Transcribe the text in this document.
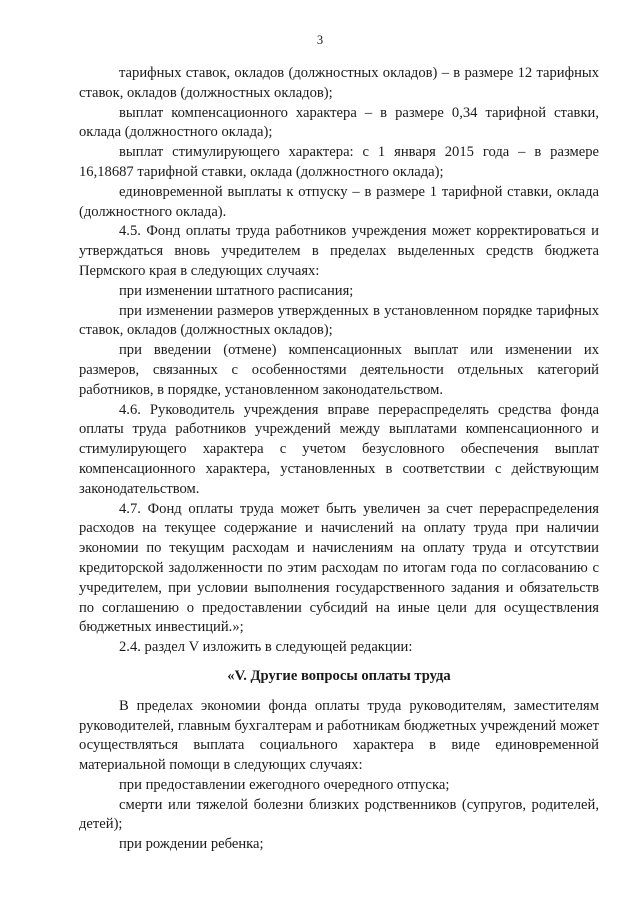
3

тарифных ставок, окладов (должностных окладов) – в размере 12 тарифных ставок, окладов (должностных окладов);

выплат компенсационного характера – в размере 0,34 тарифной ставки, оклада (должностного оклада);

выплат стимулирующего характера: с 1 января 2015 года – в размере 16,18687 тарифной ставки, оклада (должностного оклада);

единовременной выплаты к отпуску – в размере 1 тарифной ставки, оклада (должностного оклада).

4.5. Фонд оплаты труда работников учреждения может корректироваться и утверждаться вновь учредителем в пределах выделенных средств бюджета Пермского края в следующих случаях:

при изменении штатного расписания;

при изменении размеров утвержденных в установленном порядке тарифных ставок, окладов (должностных окладов);

при введении (отмене) компенсационных выплат или изменении их размеров, связанных с особенностями деятельности отдельных категорий работников, в порядке, установленном законодательством.

4.6. Руководитель учреждения вправе перераспределять средства фонда оплаты труда работников учреждений между выплатами компенсационного и стимулирующего характера с учетом безусловного обеспечения выплат компенсационного характера, установленных в соответствии с действующим законодательством.

4.7. Фонд оплаты труда может быть увеличен за счет перераспределения расходов на текущее содержание и начислений на оплату труда при наличии экономии по текущим расходам и начислениям на оплату труда и отсутствии кредиторской задолженности по этим расходам по итогам года по согласованию с учредителем, при условии выполнения государственного задания и обязательств по соглашению о предоставлении субсидий на иные цели для осуществления бюджетных инвестиций.»;

2.4. раздел V изложить в следующей редакции:

«V. Другие вопросы оплаты труда

В пределах экономии фонда оплаты труда руководителям, заместителям руководителей, главным бухгалтерам и работникам бюджетных учреждений может осуществляться выплата социального характера в виде единовременной материальной помощи в следующих случаях:

при предоставлении ежегодного очередного отпуска;

смерти или тяжелой болезни близких родственников (супругов, родителей, детей);

при рождении ребенка;
